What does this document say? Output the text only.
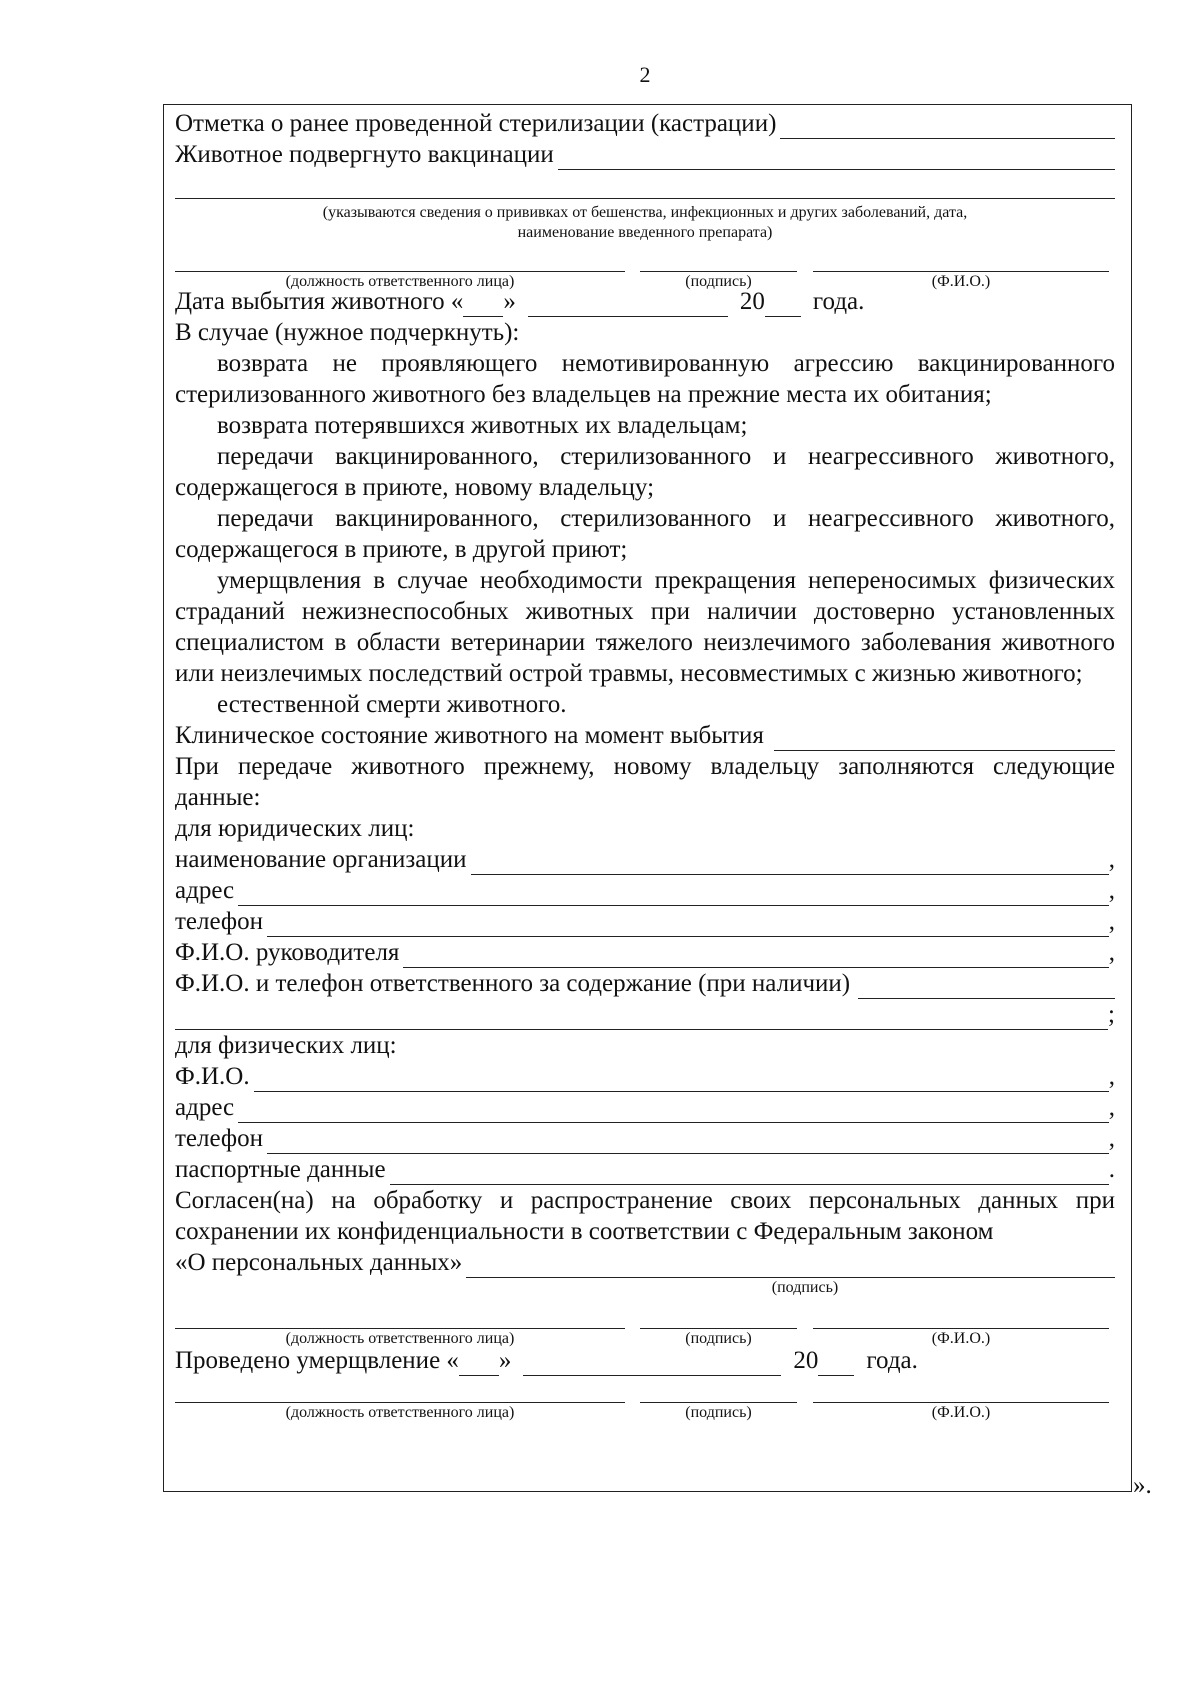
2
Отметка о ранее проведенной стерилизации (кастрации)
Животное подвергнуто вакцинации
(указываются сведения о прививках от бешенства, инфекционных и других заболеваний, дата, наименование введенного препарата)
(должность ответственного лица)	(подпись)	(Ф.И.О.)
Дата выбытия животного « »	20 года.
В случае (нужное подчеркнуть):
возврата не проявляющего немотивированную агрессию вакцинированного стерилизованного животного без владельцев на прежние места их обитания;
возврата потерявшихся животных их владельцам;
передачи вакцинированного, стерилизованного и неагрессивного животного, содержащегося в приюте, новому владельцу;
передачи вакцинированного, стерилизованного и неагрессивного животного, содержащегося в приюте, в другой приют;
умерщвления в случае необходимости прекращения непереносимых физических страданий нежизнеспособных животных при наличии достоверно установленных специалистом в области ветеринарии тяжелого неизлечимого заболевания животного или неизлечимых последствий острой травмы, несовместимых с жизнью животного;
естественной смерти животного.
Клиническое состояние животного на момент выбытия
При передаче животного прежнему, новому владельцу заполняются следующие данные:
для юридических лиц:
наименование организации	,
адрес	,
телефон	,
Ф.И.О. руководителя	,
Ф.И.О. и телефон ответственного за содержание (при наличии)
;
для физических лиц:
Ф.И.О.	,
адрес	,
телефон	,
паспортные данные	.
Согласен(на) на обработку и распространение своих персональных данных при сохранении их конфиденциальности в соответствии с Федеральным законом
«О персональных данных»
(подпись)
(должность ответственного лица)	(подпись)	(Ф.И.О.)
Проведено умерщвление « »	20 года.
(должность ответственного лица)	(подпись)	(Ф.И.О.)
».
